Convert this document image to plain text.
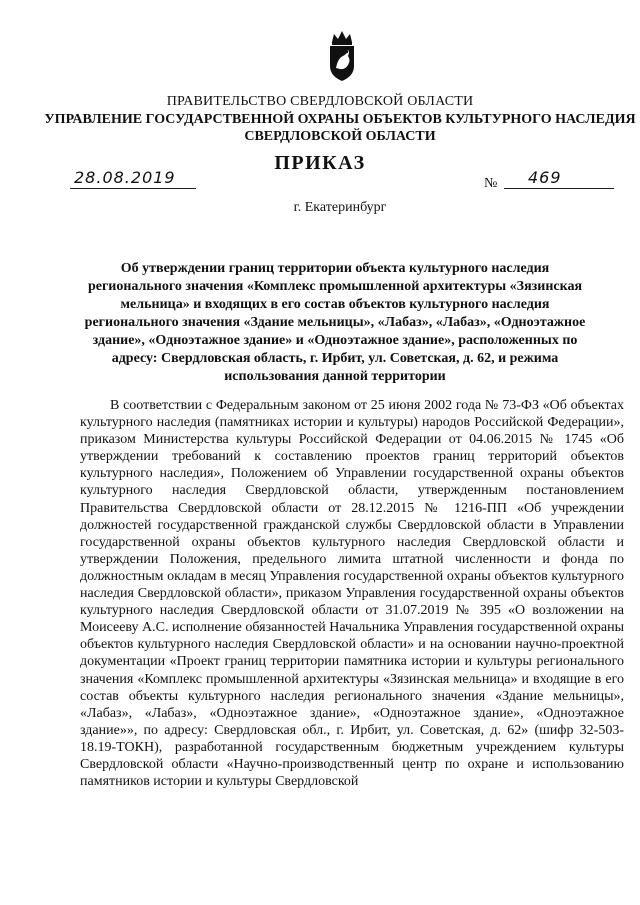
ПРАВИТЕЛЬСТВО СВЕРДЛОВСКОЙ ОБЛАСТИ
УПРАВЛЕНИЕ ГОСУДАРСТВЕННОЙ ОХРАНЫ ОБЪЕКТОВ КУЛЬТУРНОГО НАСЛЕДИЯ СВЕРДЛОВСКОЙ ОБЛАСТИ
ПРИКАЗ
28.08.2019	№ 469
г. Екатеринбург
Об утверждении границ территории объекта культурного наследия регионального значения «Комплекс промышленной архитектуры «Зязинская мельница» и входящих в его состав объектов культурного наследия регионального значения «Здание мельницы», «Лабаз», «Лабаз», «Одноэтажное здание», «Одноэтажное здание» и «Одноэтажное здание», расположенных по адресу: Свердловская область, г. Ирбит, ул. Советская, д. 62, и режима использования данной территории
В соответствии с Федеральным законом от 25 июня 2002 года № 73-ФЗ «Об объектах культурного наследия (памятниках истории и культуры) народов Российской Федерации», приказом Министерства культуры Российской Федерации от 04.06.2015 № 1745 «Об утверждении требований к составлению проектов границ территорий объектов культурного наследия», Положением об Управлении государственной охраны объектов культурного наследия Свердловской области, утвержденным постановлением Правительства Свердловской области от 28.12.2015 № 1216-ПП «Об учреждении должностей государственной гражданской службы Свердловской области в Управлении государственной охраны объектов культурного наследия Свердловской области и утверждении Положения, предельного лимита штатной численности и фонда по должностным окладам в месяц Управления государственной охраны объектов культурного наследия Свердловской области», приказом Управления государственной охраны объектов культурного наследия Свердловской области от 31.07.2019 № 395 «О возложении на Моисееву А.С. исполнение обязанностей Начальника Управления государственной охраны объектов культурного наследия Свердловской области» и на основании научно-проектной документации «Проект границ территории памятника истории и культуры регионального значения «Комплекс промышленной архитектуры «Зязинская мельница» и входящие в его состав объекты культурного наследия регионального значения «Здание мельницы», «Лабаз», «Лабаз», «Одноэтажное здание», «Одноэтажное здание», «Одноэтажное здание»», по адресу: Свердловская обл., г. Ирбит, ул. Советская, д. 62» (шифр 32-503-18.19-ТОКН), разработанной государственным бюджетным учреждением культуры Свердловской области «Научно-производственный центр по охране и использованию памятников истории и культуры Свердловской
